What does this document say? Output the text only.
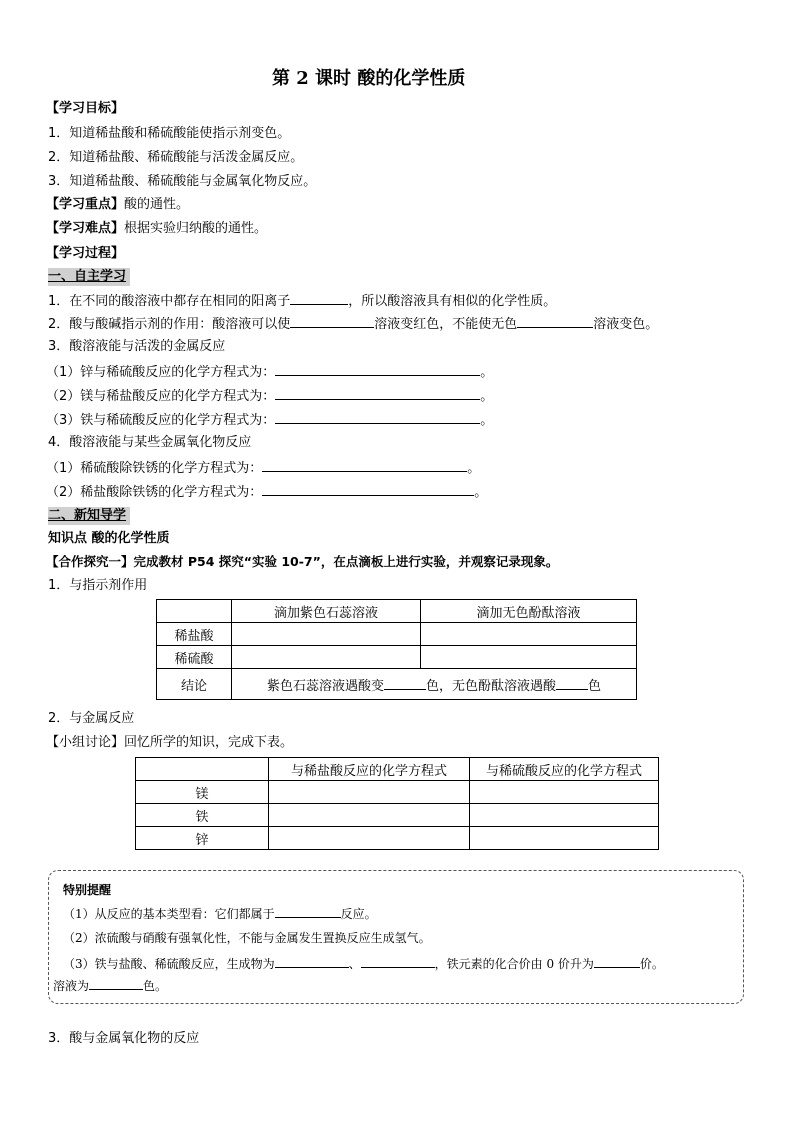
第 2 课时 酸的化学性质
【学习目标】
1．知道稀盐酸和稀硫酸能使指示剂变色。
2．知道稀盐酸、稀硫酸能与活泼金属反应。
3．知道稀盐酸、稀硫酸能与金属氧化物反应。
【学习重点】酸的通性。
【学习难点】根据实验归纳酸的通性。
【学习过程】
一、自主学习
1．在不同的酸溶液中都存在相同的阳离子	，所以酸溶液具有相似的化学性质。
2．酸与酸碱指示剂的作用：酸溶液可以使	溶液变红色，不能使无色	溶液变色。
3．酸溶液能与活泼的金属反应
（1）锌与稀硫酸反应的化学方程式为：	。
（2）镁与稀盐酸反应的化学方程式为：	。
（3）铁与稀硫酸反应的化学方程式为：	。
4．酸溶液能与某些金属氧化物反应
（1）稀硫酸除铁锈的化学方程式为：	。
（2）稀盐酸除铁锈的化学方程式为：	。
二、新知导学
知识点 酸的化学性质
【合作探究一】完成教材 P54 探究“实验 10-7”，在点滴板上进行实验，并观察记录现象。
1．与指示剂作用
	滴加紫色石蕊溶液	滴加无色酚酞溶液
稀盐酸		
稀硫酸		
结论	紫色石蕊溶液遇酸变 色，无色酚酞溶液遇酸 色	
2．与金属反应
【小组讨论】回忆所学的知识，完成下表。
	与稀盐酸反应的化学方程式	与稀硫酸反应的化学方程式
镁		
铁		
锌		
特别提醒
（1）从反应的基本类型看：它们都属于	反应。
（2）浓硫酸与硝酸有强氧化性，不能与金属发生置换反应生成氢气。
（3）铁与盐酸、稀硫酸反应，生成物为	、	，铁元素的化合价由 0 价升为	价。
溶液为	色。
3．酸与金属氧化物的反应
